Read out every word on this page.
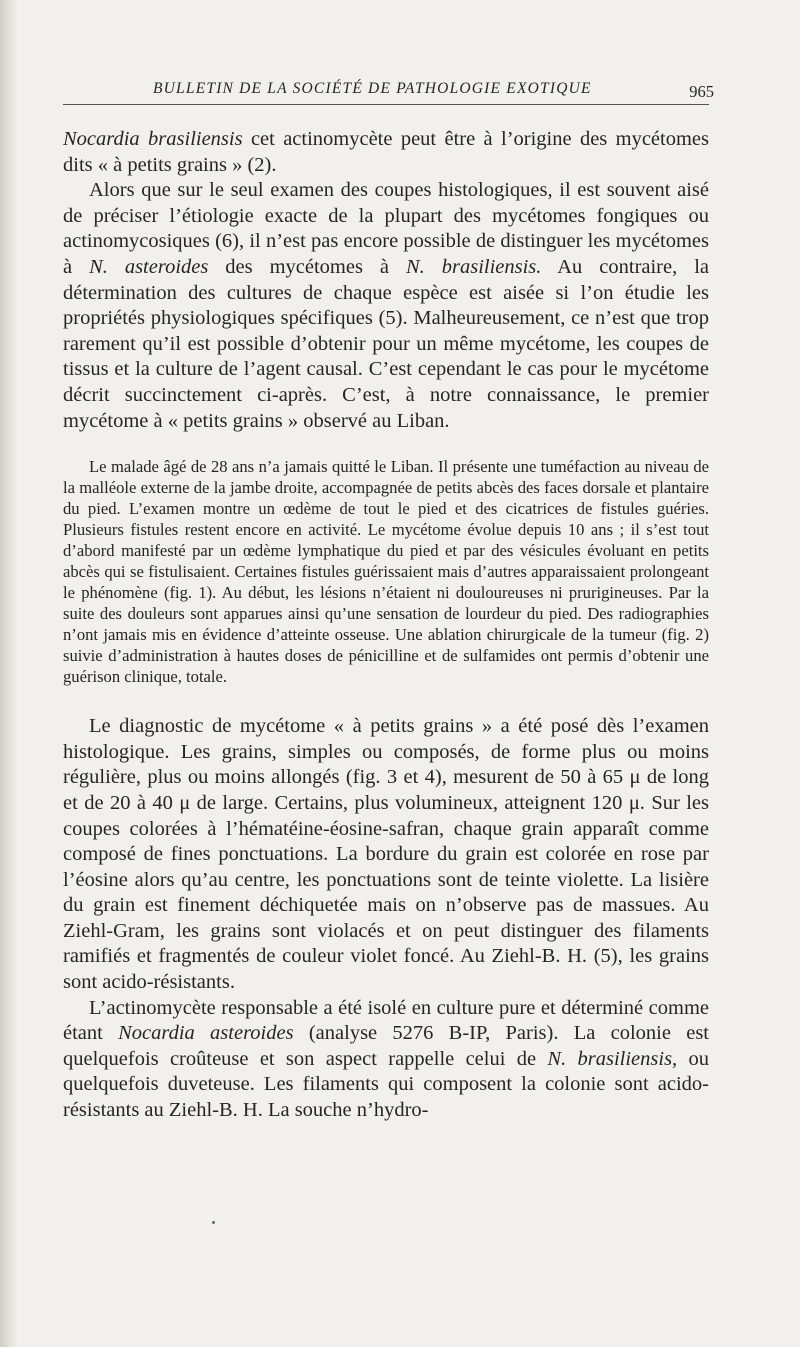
BULLETIN DE LA SOCIÉTÉ DE PATHOLOGIE EXOTIQUE	965

Nocardia brasiliensis cet actinomycète peut être à l’origine des mycétomes dits « à petits grains » (2).

Alors que sur le seul examen des coupes histologiques, il est souvent aisé de préciser l’étiologie exacte de la plupart des mycétomes fongiques ou actinomycosiques (6), il n’est pas encore possible de distinguer les mycétomes à N. asteroides des mycétomes à N. brasiliensis. Au contraire, la détermination des cultures de chaque espèce est aisée si l’on étudie les propriétés physiologiques spécifiques (5). Malheureusement, ce n’est que trop rarement qu’il est possible d’obtenir pour un même mycétome, les coupes de tissus et la culture de l’agent causal. C’est cependant le cas pour le mycétome décrit succinctement ci-après. C’est, à notre connaissance, le premier mycétome à « petits grains » observé au Liban.

Le malade âgé de 28 ans n’a jamais quitté le Liban. Il présente une tuméfaction au niveau de la malléole externe de la jambe droite, accompagnée de petits abcès des faces dorsale et plantaire du pied. L’examen montre un œdème de tout le pied et des cicatrices de fistules guéries. Plusieurs fistules restent encore en activité. Le mycétome évolue depuis 10 ans ; il s’est tout d’abord manifesté par un œdème lymphatique du pied et par des vésicules évoluant en petits abcès qui se fistulisaient. Certaines fistules guérissaient mais d’autres apparaissaient prolongeant le phénomène (fig. 1). Au début, les lésions n’étaient ni douloureuses ni prurigineuses. Par la suite des douleurs sont apparues ainsi qu’une sensation de lourdeur du pied. Des radiographies n’ont jamais mis en évidence d’atteinte osseuse. Une ablation chirurgicale de la tumeur (fig. 2) suivie d’administration à hautes doses de pénicilline et de sulfamides ont permis d’obtenir une guérison clinique, totale.

Le diagnostic de mycétome « à petits grains » a été posé dès l’examen histologique. Les grains, simples ou composés, de forme plus ou moins régulière, plus ou moins allongés (fig. 3 et 4), mesurent de 50 à 65 μ de long et de 20 à 40 μ de large. Certains, plus volumineux, atteignent 120 μ. Sur les coupes colorées à l’hématéine-éosine-safran, chaque grain apparaît comme composé de fines ponctuations. La bordure du grain est colorée en rose par l’éosine alors qu’au centre, les ponctuations sont de teinte violette. La lisière du grain est finement déchiquetée mais on n’observe pas de massues. Au Ziehl-Gram, les grains sont violacés et on peut distinguer des filaments ramifiés et fragmentés de couleur violet foncé. Au Ziehl-B. H. (5), les grains sont acido-résistants.

L’actinomycète responsable a été isolé en culture pure et déterminé comme étant Nocardia asteroides (analyse 5276 B-IP, Paris). La colonie est quelquefois croûteuse et son aspect rappelle celui de N. brasiliensis, ou quelquefois duveteuse. Les filaments qui composent la colonie sont acido-résistants au Ziehl-B. H. La souche n’hydro-
